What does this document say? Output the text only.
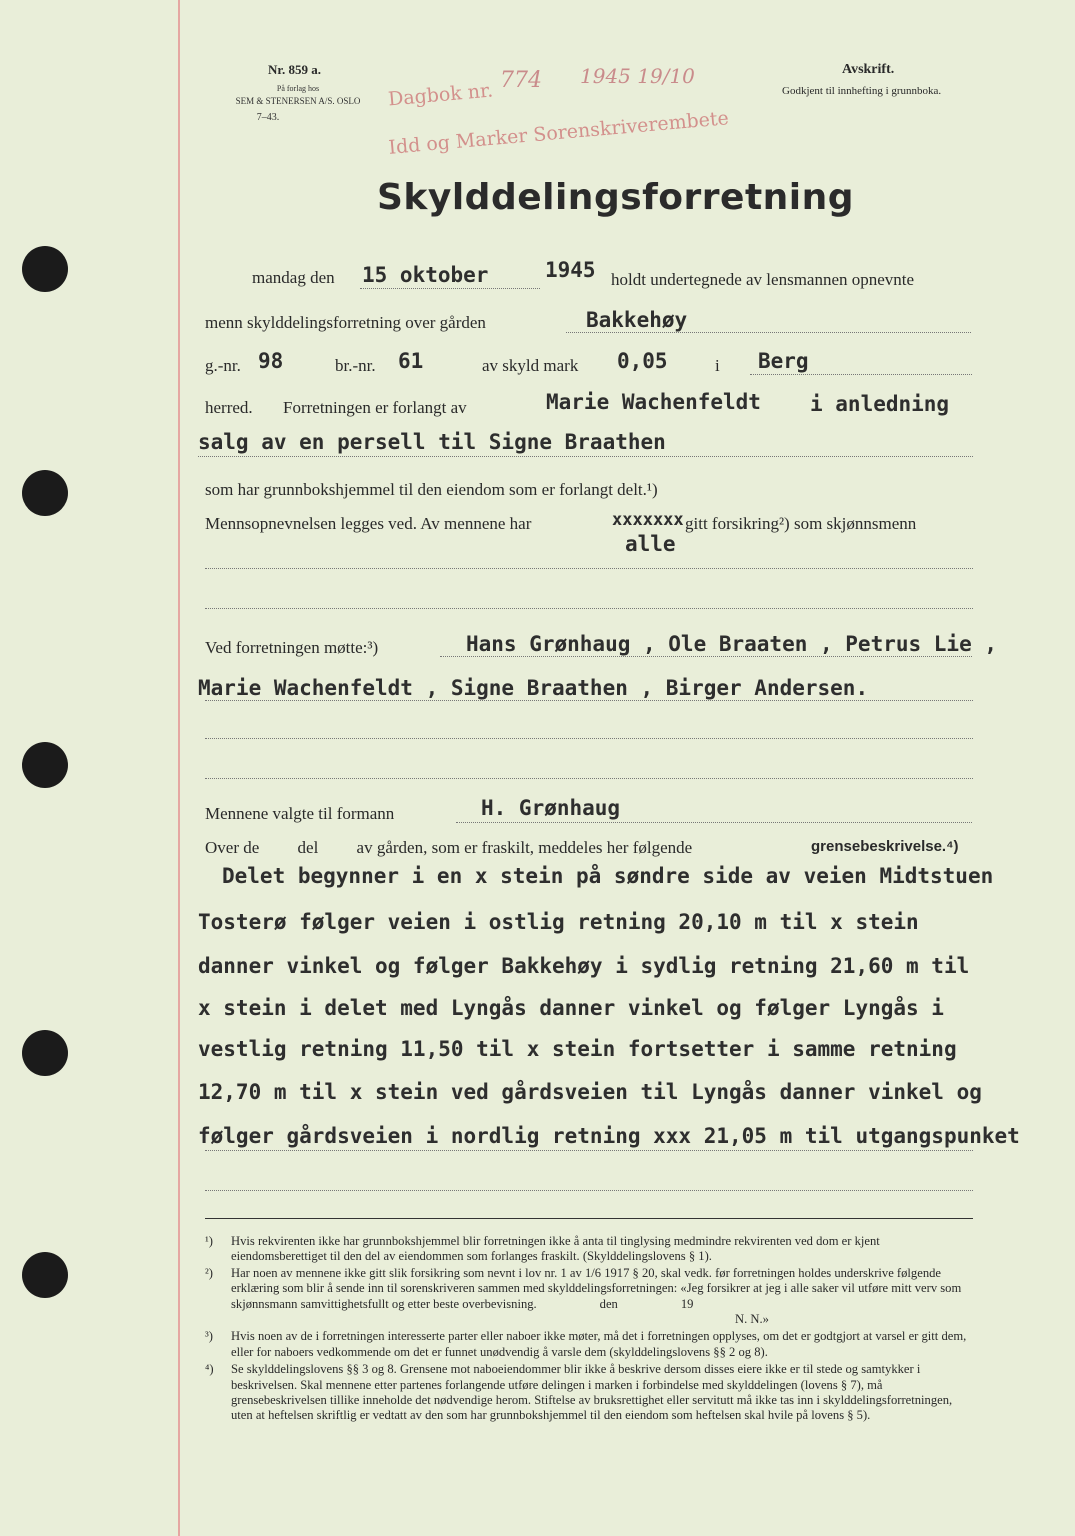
Nr. 859 a.
På forlag hos
SEM & STENERSEN A/S. OSLO
7–43.
Dagbok nr.
Idd og Marker Sorenskriverembete
774 1945 19/10	Avskrift.
Godkjent til innhefting i grunnboka.
Skylddelingsforretning
mandag den 15 oktober	1945 holdt undertegnede av lensmannen opnevnte
menn skylddelingsforretning over gården	Bakkehøy
g.-nr. 98	br.-nr. 61	av skyld mark 0,05	i Berg
herred. Forretningen er forlangt av	Marie Wachenfeldt i anledning
salg av en persell til Signe Braathen
som har grunnbokshjemmel til den eiendom som er forlangt delt.¹)
Mennsopnevnelsen legges ved. Av mennene har	xxxxxxx gitt forsikring²) som skjønnsmenn
alle
Ved forretningen møtte:³)	Hans Grønhaug , Ole Braaten , Petrus Lie ,
Marie Wachenfeldt , Signe Braathen , Birger Andersen.
Mennene valgte til formann	H. Grønhaug
Over de         del         av gården, som er fraskilt, meddeles her følgende	grensebeskrivelse.⁴)
Delet begynner i en x stein på søndre side av veien Midtstuen
Tosterø følger veien i ostlig retning 20,10 m til x stein
danner vinkel og følger Bakkehøy i sydlig retning 21,60 m til
x stein i delet med Lyngås danner vinkel og følger Lyngås i
vestlig retning 11,50 til x stein fortsetter i samme retning
12,70 m til x stein ved gårdsveien til Lyngås danner vinkel og
følger gårdsveien i nordlig retning xxx 21,05 m til utgangspunket
¹) Hvis rekvirenten ikke har grunnbokshjemmel blir forretningen ikke å anta til tinglysing medmindre rekvirenten ved dom er kjent eiendomsberettiget til den del av eiendommen som forlanges fraskilt. (Skylddelingslovens § 1).
²) Har noen av mennene ikke gitt slik forsikring som nevnt i lov nr. 1 av 1/6 1917 § 20, skal vedk. før forretningen holdes underskrive følgende erklæring som blir å sende inn til sorenskriveren sammen med skylddelingsforretningen: «Jeg forsikrer at jeg i alle saker vil utføre mitt verv som skjønnsmann samvittighetsfullt og etter beste overbevisning.                    den                    19
N. N.»
³) Hvis noen av de i forretningen interesserte parter eller naboer ikke møter, må det i forretningen opplyses, om det er godtgjort at varsel er gitt dem, eller for naboers vedkommende om det er funnet unødvendig å varsle dem (skylddelingslovens §§ 2 og 8).
⁴) Se skylddelingslovens §§ 3 og 8. Grensene mot naboeiendommer blir ikke å beskrive dersom disses eiere ikke er til stede og samtykker i beskrivelsen. Skal mennene etter partenes forlangende utføre delingen i marken i forbindelse med skylddelingen (lovens § 7), må grensebeskrivelsen tillike inneholde det nødvendige herom. Stiftelse av bruksrettighet eller servitutt må ikke tas inn i skylddelingsforretningen, uten at heftelsen skriftlig er vedtatt av den som har grunnbokshjemmel til den eiendom som heftelsen skal hvile på lovens § 5).
